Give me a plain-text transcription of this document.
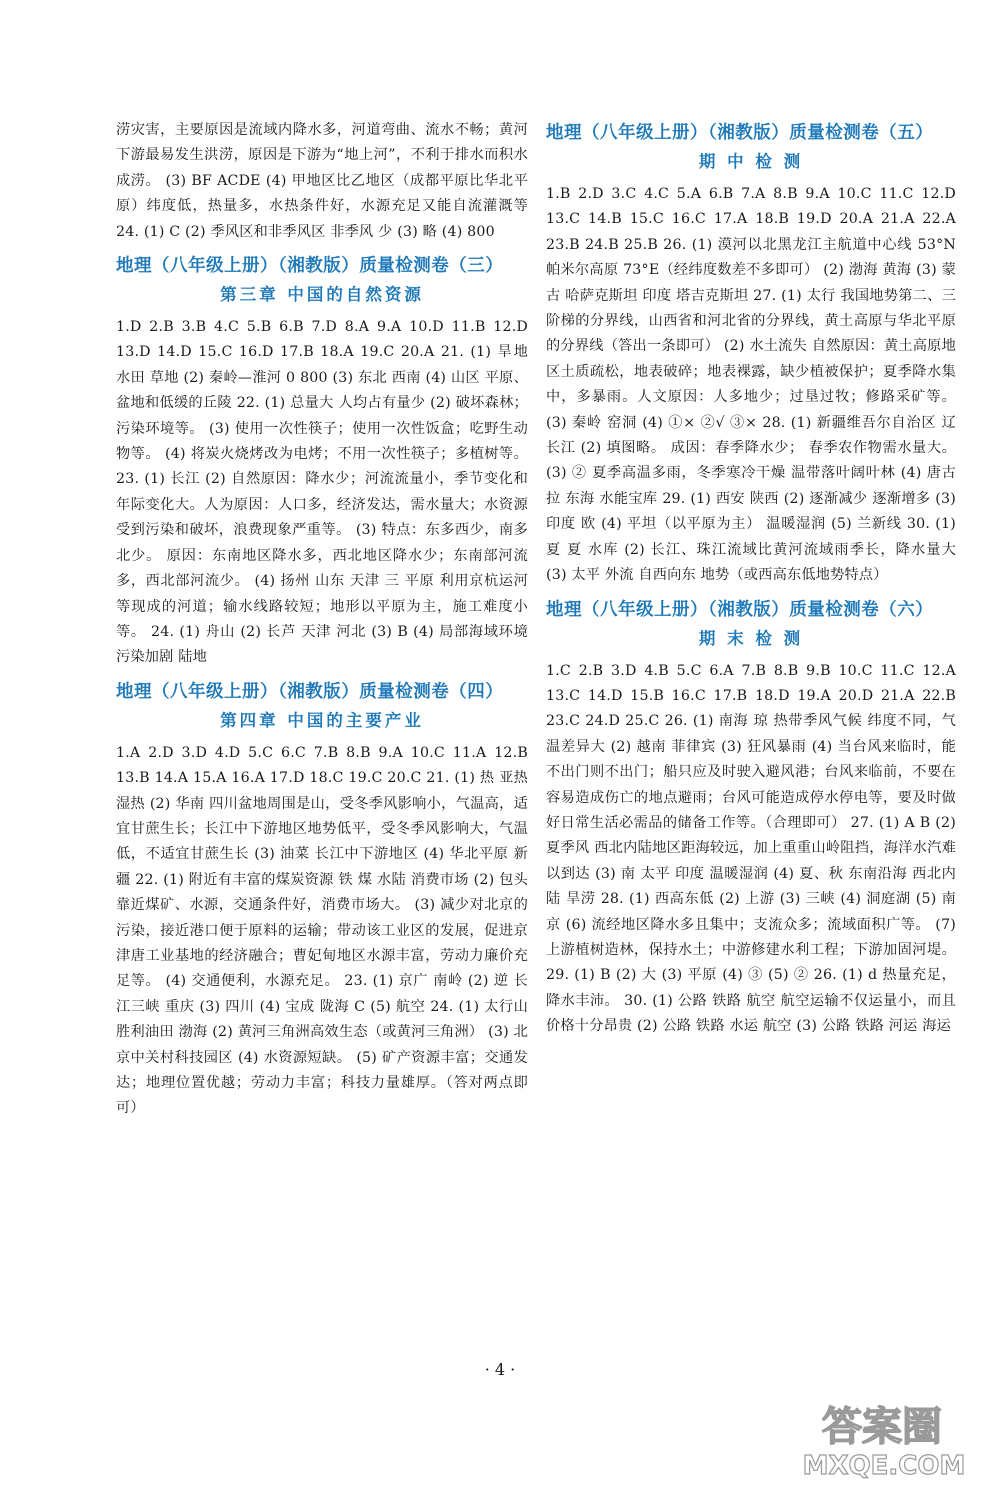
涝灾害，主要原因是流域内降水多，河道弯曲、流水不畅；黄河下游最易发生洪涝，原因是下游为“地上河”，不利于排水而积水成涝。 (3) BF ACDE (4) 甲地区比乙地区（成都平原比华北平原）纬度低，热量多，水热条件好，水源充足又能自流灌溉等 24. (1) C (2) 季风区和非季风区 非季风 少 (3) 略 (4) 800

地理（八年级上册）（湘教版）质量检测卷（三）
第三章 中国的自然资源

1.D 2.B 3.B 4.C 5.B 6.B 7.D 8.A 9.A 10.D 11.B 12.D 13.D 14.D 15.C 16.D 17.B 18.A 19.C 20.A 21. (1) 旱地 水田 草地 (2) 秦岭—淮河 0 800 (3) 东北 西南 (4) 山区 平原、盆地和低缓的丘陵 22. (1) 总量大 人均占有量少 (2) 破坏森林；污染环境等。 (3) 使用一次性筷子；使用一次性饭盒；吃野生动物等。 (4) 将炭火烧烤改为电烤；不用一次性筷子；多植树等。 23. (1) 长江 (2) 自然原因：降水少；河流流量小，季节变化和年际变化大。人为原因：人口多，经济发达，需水量大；水资源受到污染和破坏，浪费现象严重等。 (3) 特点：东多西少，南多北少。 原因：东南地区降水多，西北地区降水少；东南部河流多，西北部河流少。 (4) 扬州 山东 天津 三 平原 利用京杭运河等现成的河道；输水线路较短；地形以平原为主，施工难度小等。 24. (1) 舟山 (2) 长芦 天津 河北 (3) B (4) 局部海域环境污染加剧 陆地

地理（八年级上册）（湘教版）质量检测卷（四）
第四章 中国的主要产业

1.A 2.D 3.D 4.D 5.C 6.C 7.B 8.B 9.A 10.C 11.A 12.B 13.B 14.A 15.A 16.A 17.D 18.C 19.C 20.C 21. (1) 热 亚热 湿热 (2) 华南 四川盆地周围是山，受冬季风影响小，气温高，适宜甘蔗生长；长江中下游地区地势低平，受冬季风影响大，气温低，不适宜甘蔗生长 (3) 油菜 长江中下游地区 (4) 华北平原 新疆 22. (1) 附近有丰富的煤炭资源 铁 煤 水陆 消费市场 (2) 包头靠近煤矿、水源，交通条件好，消费市场大。 (3) 减少对北京的污染，接近港口便于原料的运输；带动该工业区的发展，促进京津唐工业基地的经济融合；曹妃甸地区水源丰富，劳动力廉价充足等。 (4) 交通便利，水源充足。 23. (1) 京广 南岭 (2) 逆 长江三峡 重庆 (3) 四川 (4) 宝成 陇海 C (5) 航空 24. (1) 太行山 胜利油田 渤海 (2) 黄河三角洲高效生态（或黄河三角洲） (3) 北京中关村科技园区 (4) 水资源短缺。 (5) 矿产资源丰富；交通发达；地理位置优越；劳动力丰富；科技力量雄厚。（答对两点即可）

地理（八年级上册）（湘教版）质量检测卷（五）
期 中 检 测

1.B 2.D 3.C 4.C 5.A 6.B 7.A 8.B 9.A 10.C 11.C 12.D 13.C 14.B 15.C 16.C 17.A 18.B 19.D 20.A 21.A 22.A 23.B 24.B 25.B 26. (1) 漠河以北黑龙江主航道中心线 53°N 帕米尔高原 73°E（经纬度数差不多即可） (2) 渤海 黄海 (3) 蒙古 哈萨克斯坦 印度 塔吉克斯坦 27. (1) 太行 我国地势第二、三阶梯的分界线，山西省和河北省的分界线，黄土高原与华北平原的分界线（答出一条即可） (2) 水土流失 自然原因：黄土高原地区土质疏松，地表破碎；地表裸露，缺少植被保护；夏季降水集中，多暴雨。人文原因：人多地少；过垦过牧；修路采矿等。 (3) 秦岭 窑洞 (4) ①× ②√ ③× 28. (1) 新疆维吾尔自治区 辽 长江 (2) 填图略。 成因：春季降水少； 春季农作物需水量大。 (3) ② 夏季高温多雨，冬季寒冷干燥 温带落叶阔叶林 (4) 唐古拉 东海 水能宝库 29. (1) 西安 陕西 (2) 逐渐减少 逐渐增多 (3) 印度 欧 (4) 平坦（以平原为主） 温暖湿润 (5) 兰新线 30. (1) 夏 夏 水库 (2) 长江、珠江流域比黄河流域雨季长，降水量大 (3) 太平 外流 自西向东 地势（或西高东低地势特点）

地理（八年级上册）（湘教版）质量检测卷（六）
期 末 检 测

1.C 2.B 3.D 4.B 5.C 6.A 7.B 8.B 9.B 10.C 11.C 12.A 13.C 14.D 15.B 16.C 17.B 18.D 19.A 20.D 21.A 22.B 23.C 24.D 25.C 26. (1) 南海 琼 热带季风气候 纬度不同，气温差异大 (2) 越南 菲律宾 (3) 狂风暴雨 (4) 当台风来临时，能不出门则不出门；船只应及时驶入避风港；台风来临前，不要在容易造成伤亡的地点避雨；台风可能造成停水停电等，要及时做好日常生活必需品的储备工作等。（合理即可） 27. (1) A B (2) 夏季风 西北内陆地区距海较远，加上重重山岭阻挡，海洋水汽难以到达 (3) 南 太平 印度 温暖湿润 (4) 夏、秋 东南沿海 西北内陆 旱涝 28. (1) 西高东低 (2) 上游 (3) 三峡 (4) 洞庭湖 (5) 南京 (6) 流经地区降水多且集中；支流众多；流域面积广等。 (7) 上游植树造林，保持水土；中游修建水利工程；下游加固河堤。 29. (1) B (2) 大 (3) 平原 (4) ③ (5) ② 26. (1) d 热量充足，降水丰沛。 30. (1) 公路 铁路 航空 航空运输不仅运量小，而且价格十分昂贵 (2) 公路 铁路 水运 航空 (3) 公路 铁路 河运 海运

· 4 ·
答案圈
MXQE.COM
